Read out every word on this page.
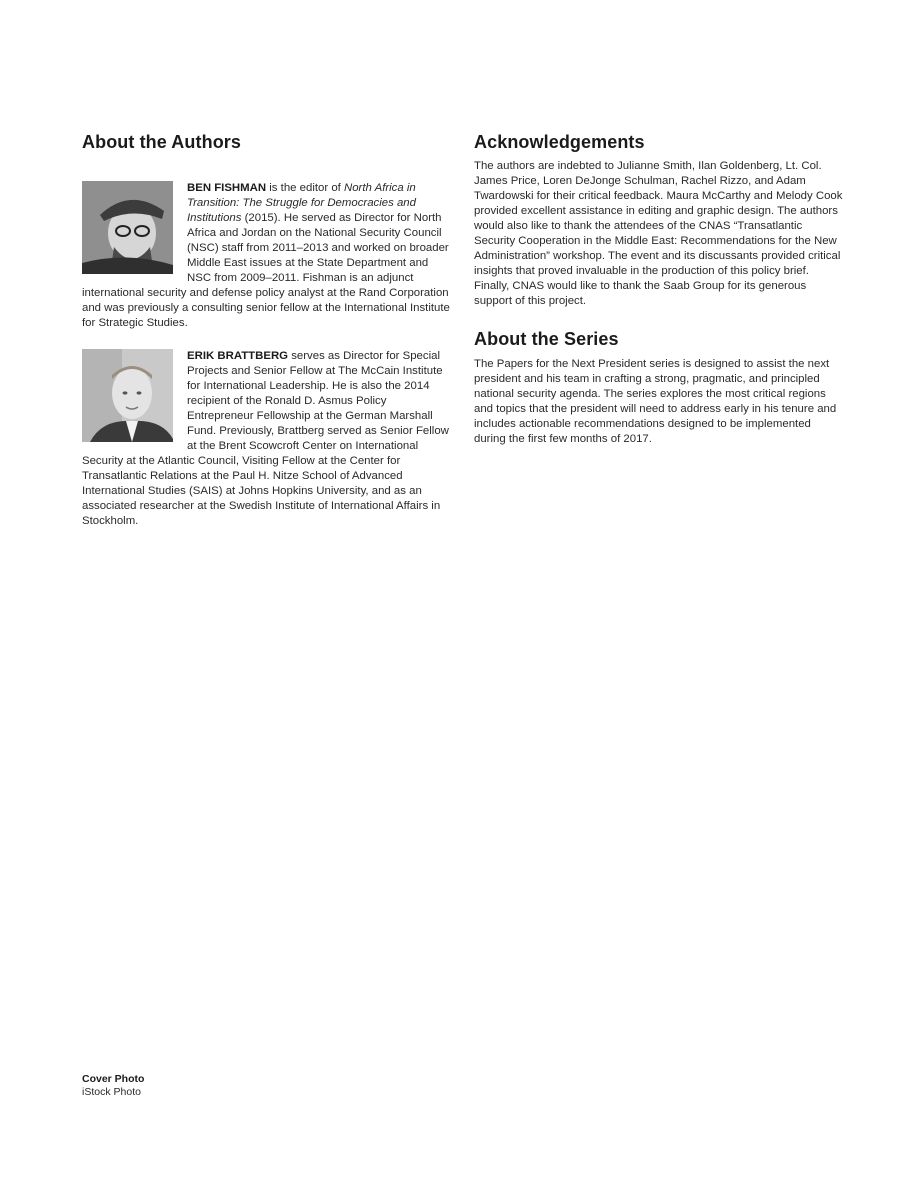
About the Authors

BEN FISHMAN is the editor of North Africa in Transition: The Struggle for Democracies and Institutions (2015). He served as Director for North Africa and Jordan on the National Security Council (NSC) staff from 2011–2013 and worked on broader Middle East issues at the State Department and NSC from 2009–2011. Fishman is an adjunct international security and defense policy analyst at the Rand Corporation and was previously a consulting senior fellow at the International Institute for Strategic Studies.

ERIK BRATTBERG serves as Director for Special Projects and Senior Fellow at The McCain Institute for International Leadership. He is also the 2014 recipient of the Ronald D. Asmus Policy Entrepreneur Fellowship at the German Marshall Fund. Previously, Brattberg served as Senior Fellow at the Brent Scowcroft Center on International Security at the Atlantic Council, Visiting Fellow at the Center for Transatlantic Relations at the Paul H. Nitze School of Advanced International Studies (SAIS) at Johns Hopkins University, and as an associated researcher at the Swedish Institute of International Affairs in Stockholm.

Acknowledgements

The authors are indebted to Julianne Smith, Ilan Goldenberg, Lt. Col. James Price, Loren DeJonge Schulman, Rachel Rizzo, and Adam Twardowski for their critical feedback. Maura McCarthy and Melody Cook provided excellent assistance in editing and graphic design. The authors would also like to thank the attendees of the CNAS “Transatlantic Security Cooperation in the Middle East: Recommendations for the New Administration” workshop. The event and its discussants provided critical insights that proved invaluable in the production of this policy brief. Finally, CNAS would like to thank the Saab Group for its generous support of this project.

About the Series

The Papers for the Next President series is designed to assist the next president and his team in crafting a strong, pragmatic, and principled national security agenda. The series explores the most critical regions and topics that the president will need to address early in his tenure and includes actionable recommendations designed to be implemented during the first few months of 2017.

Cover Photo
iStock Photo
